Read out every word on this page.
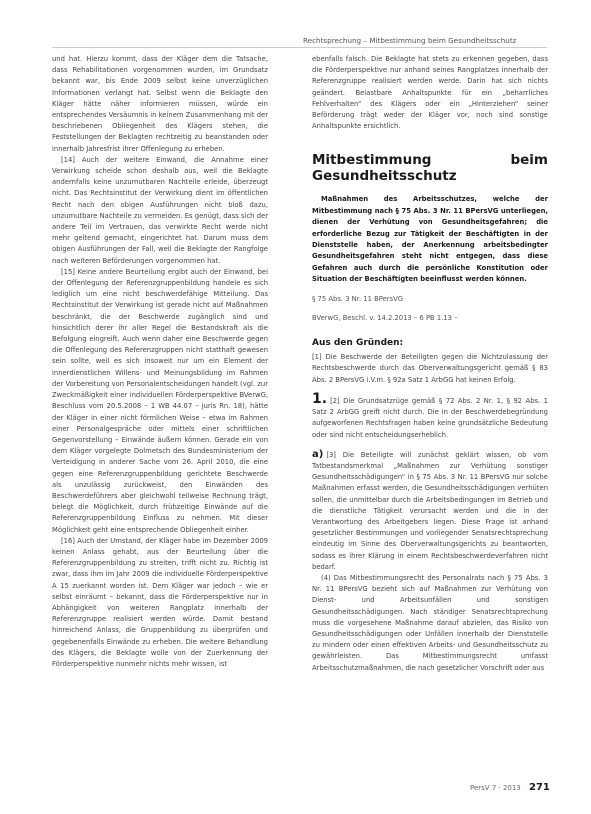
Rechtsprechung – Mitbestimmung beim Gesundheitsschutz

und hat. Hierzu kommt, dass der Kläger dem die Tatsache, dass Rehabilitationen vorgenommen wurden, im Grundsatz bekannt war, bis Ende 2009 selbst keine unverzüglichen Informationen verlangt hat. Selbst wenn die Beklagte den Kläger hätte näher informieren müssen, würde ein entsprechendes Versäumnis in keinem Zusammenhang mit der beschriebenen Obliegenheit des Klägers stehen, die Feststellungen der Beklagten rechtzeitig zu beanstanden oder innerhalb Jahresfrist ihrer Offenlegung zu erheben.

[14] Auch der weitere Einwand, die Annahme einer Verwirkung scheide schon deshalb aus, weil die Beklagte andernfalls keine unzumutbaren Nachteile erleide, überzeugt nicht. Das Rechtsinstitut der Verwirkung dient im öffentlichen Recht nach den obigen Ausführungen nicht bloß dazu, unzumutbare Nachteile zu vermeiden. Es genügt, dass sich der andere Teil im Vertrauen, das verwirkte Recht werde nicht mehr geltend gemacht, eingerichtet hat. Darum muss dem obigen Ausführungen der Fall, weil die Beklagte der Rangfolge nach weiteren Beförderungen vorgenommen hat.

[15] Keine andere Beurteilung ergibt auch der Einwand, bei der Offenlegung der Referenzgruppenbildung handele es sich lediglich um eine nicht beschwerdefähige Mitteilung. Das Rechtsinstitut der Verwirkung ist gerade nicht auf Maßnahmen beschränkt, die der Beschwerde zugänglich sind und hinsichtlich derer ihr aller Regel die Bestandskraft als die Befolgung eingreift. Auch wenn daher eine Beschwerde gegen die Offenlegung des Referenzgruppen nicht statthaft gewesen sein sollte, weil es sich insoweit nur um ein Element der innerdienstlichen Willens- und Meinungsbildung im Rahmen der Vorbereitung von Personalentscheidungen handelt (vgl. zur Zweckmäßigkeit einer individuellen Förderperspektive BVerwG, Beschluss vom 20.5.2008 – 1 WB 44.07 – juris Rn. 18), hätte der Kläger in einer nicht förmlichen Weise – etwa im Rahmen einer Personalgespräche oder mittels einer schriftlichen Gegenvorstellung – Einwände äußern können. Gerade ein von dem Kläger vorgelegte Dolmetsch des Bundesministerium der Verteidigung in anderer Sache vom 26. April 2010, die eine gegen eine Referenzgruppenbildung gerichtete Beschwerde als unzulässig zurückweist, den Einwänden des Beschwerdeführers aber gleichwohl teilweise Rechnung trägt, belegt die Möglichkeit, durch frühzeitige Einwände auf die Referenzgruppenbildung Einfluss zu nehmen. Mit dieser Möglichkeit geht eine entsprechende Obliegenheit einher.

[16] Auch der Umstand, der Kläger habe im Dezember 2009 keinen Anlass gehabt, aus der Beurteilung über die Referenzgruppenbildung zu streiten, trifft nicht zu. Richtig ist zwar, dass ihm im Jahr 2009 die individuelle Förderperspektive A 15 zuerkannt worden ist. Dem Kläger war jedoch – wie er selbst einräumt – bekannt, dass die Förderperspektive nur in Abhängigkeit von weiteren Rangplatz innerhalb der Referenzgruppe realisiert werden würde. Damit bestand hinreichend Anlass, die Gruppenbildung zu überprüfen und gegebenenfalls Einwände zu erheben. Die weitere Behandlung des Klägers, die Beklagte wolle von der Zuerkennung der Förderperspektive nunmehr nichts mehr wissen, ist

ebenfalls falsch. Die Beklagte hat stets zu erkennen gegeben, dass die Förderperspektive nur anhand seines Rangplatzes innerhalb der Referenzgruppe realisiert werden werde. Darin hat sich nichts geändert. Belastbare Anhaltspunkte für ein „beharrliches Fehlverhalten“ des Klägers oder ein „Hinterziehen“ seiner Beförderung trägt weder der Kläger vor, noch sind sonstige Anhaltspunkte ersichtlich.

Mitbestimmung beim Gesundheitsschutz

Maßnahmen des Arbeitsschutzes, welche der Mitbestimmung nach § 75 Abs. 3 Nr. 11 BPersVG unterliegen, dienen der Verhütung von Gesundheitsgefahren; die erforderliche Bezug zur Tätigkeit der Beschäftigten in der Dienststelle haben, der Anerkennung arbeitsbedingter Gesundheitsgefahren steht nicht entgegen, dass diese Gefahren auch durch die persönliche Konstitution oder Situation der Beschäftigten beeinflusst werden können.

§ 75 Abs. 3 Nr. 11 BPersVG
BVerwG, Beschl. v. 14.2.2013 – 6 PB 1.13 –
Aus den Gründen:

[1] Die Beschwerde der Beteiligten gegen die Nichtzulassung der Rechtsbeschwerde durch das Oberverwaltungsgericht gemäß § 83 Abs. 2 BPersVG i.V.m. § 92a Satz 1 ArbGG hat keinen Erfolg.

1. [2] Die Grundsatzrüge gemäß § 72 Abs. 2 Nr. 1, § 92 Abs. 1 Satz 2 ArbGG greift nicht durch. Die in der Beschwerdebegründung aufgeworfenen Rechtsfragen haben keine grundsätzliche Bedeutung oder sind nicht entscheidungserheblich.

a) [3] Die Beteiligte will zunächst geklärt wissen, ob vom Tatbestandsmerkmal „Maßnahmen zur Verhütung sonstiger Gesundheitsschädigungen“ in § 75 Abs. 3 Nr. 11 BPersVG nur solche Maßnahmen erfasst werden, die Gesundheitsschädigungen verhüten sollen, die unmittelbar durch die Arbeitsbedingungen im Betrieb und die dienstliche Tätigkeit verursacht werden und die in der Verantwortung des Arbeitgebers liegen. Diese Frage ist anhand gesetzlicher Bestimmungen und vorliegender Senatsrechtsprechung eindeutig im Sinne des Oberverwaltungsgerichts zu beantworten, sodass es ihrer Klärung in einem Rechtsbeschwerdeverfahren nicht bedarf.

(4) Das Mitbestimmungsrecht des Personalrats nach § 75 Abs. 3 Nr. 11 BPersVG bezieht sich auf Maßnahmen zur Verhütung von Dienst- und Arbeitsunfällen und sonstigen Gesundheitsschädigungen. Nach ständiger Senatsrechtsprechung muss die vorgesehene Maßnahme darauf abzielen, das Risiko von Gesundheitsschädigungen oder Unfällen innerhalb der Dienststelle zu mindern oder einen effektiven Arbeits- und Gesundheitsschutz zu gewährleisten. Das Mitbestimmungsrecht umfasst Arbeitsschutzmaßnahmen, die nach gesetzlicher Vorschrift oder aus

PersV 7 · 2013 271
